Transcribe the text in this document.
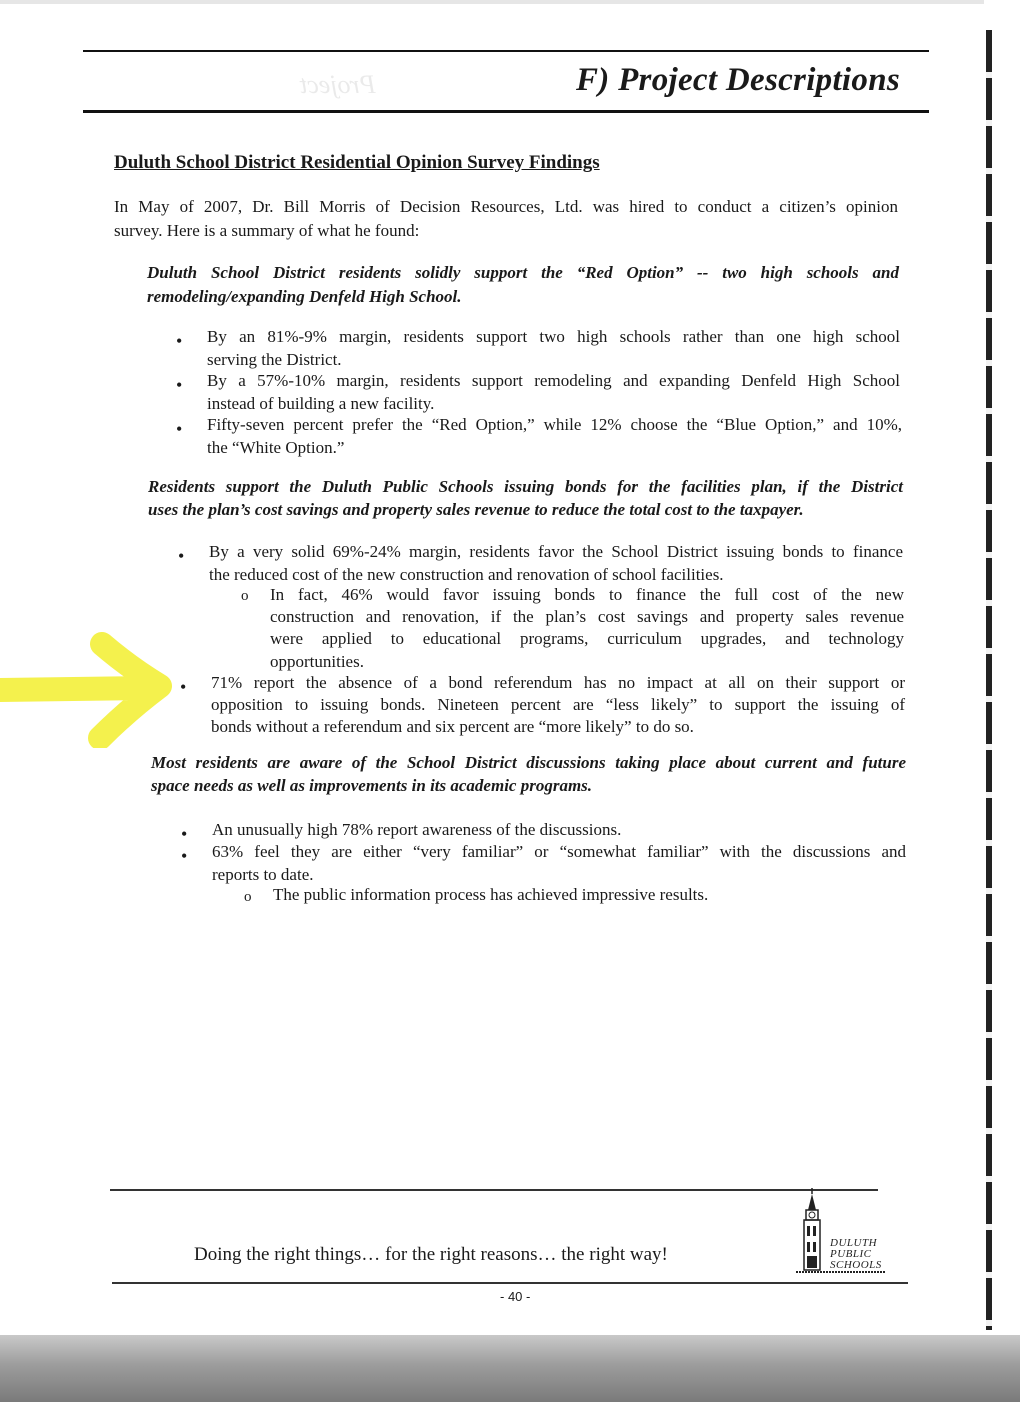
Project	F) Project Descriptions
Duluth School District Residential Opinion Survey Findings
In May of 2007, Dr. Bill Morris of Decision Resources, Ltd. was hired to conduct a citizen’s opinion
survey. Here is a summary of what he found:
Duluth School District residents solidly support the “Red Option” -- two high schools and
remodeling/expanding Denfeld High School.
• By an 81%-9% margin, residents support two high schools rather than one high school
serving the District.
• By a 57%-10% margin, residents support remodeling and expanding Denfeld High School
instead of building a new facility.
• Fifty-seven percent prefer the “Red Option,” while 12% choose the “Blue Option,” and 10%,
the “White Option.”
Residents support the Duluth Public Schools issuing bonds for the facilities plan, if the District
uses the plan’s cost savings and property sales revenue to reduce the total cost to the taxpayer.
• By a very solid 69%-24% margin, residents favor the School District issuing bonds to finance
the reduced cost of the new construction and renovation of school facilities.
o In fact, 46% would favor issuing bonds to finance the full cost of the new
construction and renovation, if the plan’s cost savings and property sales revenue
were applied to educational programs, curriculum upgrades, and technology
opportunities.
• 71% report the absence of a bond referendum has no impact at all on their support or
opposition to issuing bonds. Nineteen percent are “less likely” to support the issuing of
bonds without a referendum and six percent are “more likely” to do so.
Most residents are aware of the School District discussions taking place about current and future
space needs as well as improvements in its academic programs.
• An unusually high 78% report awareness of the discussions.
• 63% feel they are either “very familiar” or “somewhat familiar” with the discussions and
reports to date.
o The public information process has achieved impressive results.
Doing the right things… for the right reasons… the right way!
- 40 -
DULUTH
PUBLIC
SCHOOLS
